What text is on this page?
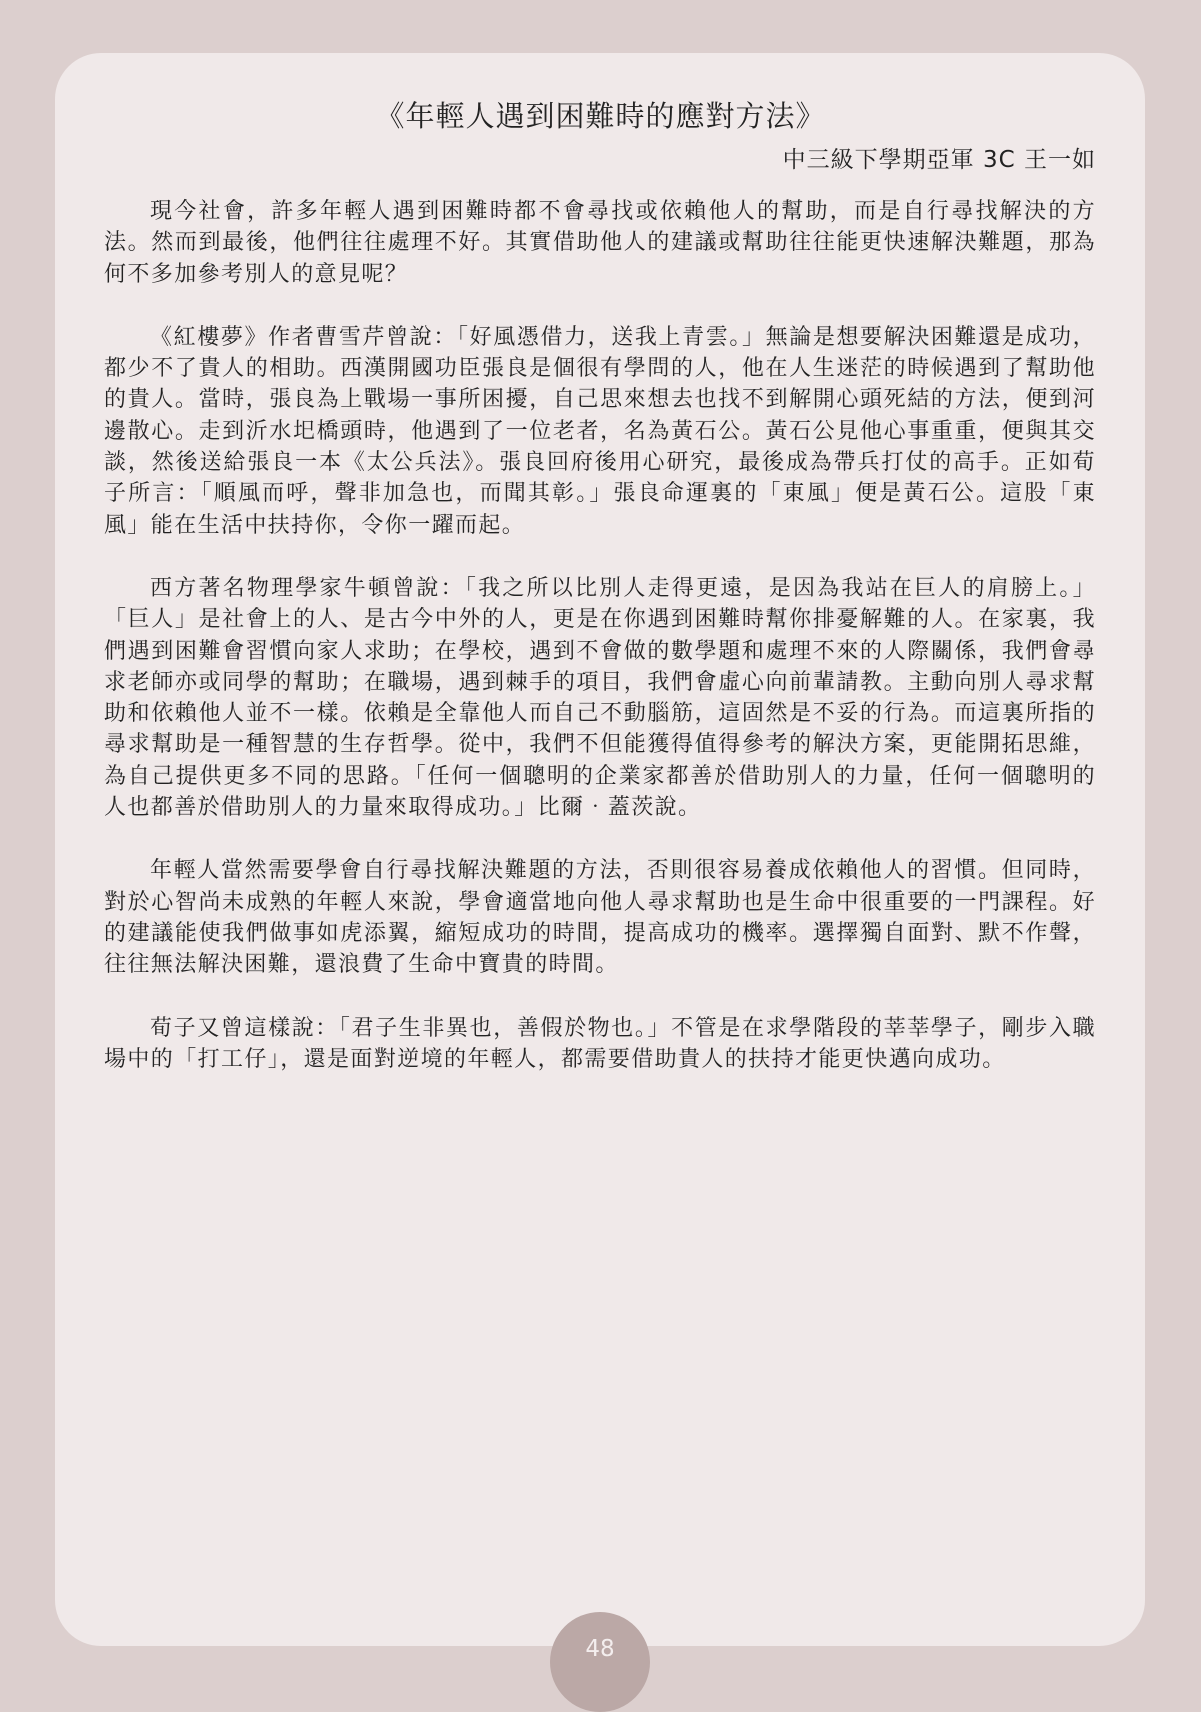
《年輕人遇到困難時的應對方法》
中三級下學期亞軍 3C 王一如

現今社會，許多年輕人遇到困難時都不會尋找或依賴他人的幫助，而是自行尋找解決的方法。然而到最後，他們往往處理不好。其實借助他人的建議或幫助往往能更快速解決難題，那為何不多加參考別人的意見呢？

《紅樓夢》作者曹雪芹曾說：「好風憑借力，送我上青雲。」無論是想要解決困難還是成功，都少不了貴人的相助。西漢開國功臣張良是個很有學問的人，他在人生迷茫的時候遇到了幫助他的貴人。當時，張良為上戰場一事所困擾，自己思來想去也找不到解開心頭死結的方法，便到河邊散心。走到沂水圯橋頭時，他遇到了一位老者，名為黃石公。黃石公見他心事重重，便與其交談，然後送給張良一本《太公兵法》。張良回府後用心研究，最後成為帶兵打仗的高手。正如荀子所言：「順風而呼，聲非加急也，而聞其彰。」張良命運裏的「東風」便是黃石公。這股「東風」能在生活中扶持你，令你一躍而起。

西方著名物理學家牛頓曾說：「我之所以比別人走得更遠，是因為我站在巨人的肩膀上。」「巨人」是社會上的人、是古今中外的人，更是在你遇到困難時幫你排憂解難的人。在家裏，我們遇到困難會習慣向家人求助；在學校，遇到不會做的數學題和處理不來的人際關係，我們會尋求老師亦或同學的幫助；在職場，遇到棘手的項目，我們會虛心向前輩請教。主動向別人尋求幫助和依賴他人並不一樣。依賴是全靠他人而自己不動腦筋，這固然是不妥的行為。而這裏所指的尋求幫助是一種智慧的生存哲學。從中，我們不但能獲得值得參考的解決方案，更能開拓思維，為自己提供更多不同的思路。「任何一個聰明的企業家都善於借助別人的力量，任何一個聰明的人也都善於借助別人的力量來取得成功。」比爾‧蓋茨說。

年輕人當然需要學會自行尋找解決難題的方法，否則很容易養成依賴他人的習慣。但同時，對於心智尚未成熟的年輕人來說，學會適當地向他人尋求幫助也是生命中很重要的一門課程。好的建議能使我們做事如虎添翼，縮短成功的時間，提高成功的機率。選擇獨自面對、默不作聲，往往無法解決困難，還浪費了生命中寶貴的時間。

荀子又曾這樣說：「君子生非異也，善假於物也。」不管是在求學階段的莘莘學子，剛步入職場中的「打工仔」，還是面對逆境的年輕人，都需要借助貴人的扶持才能更快邁向成功。

48
